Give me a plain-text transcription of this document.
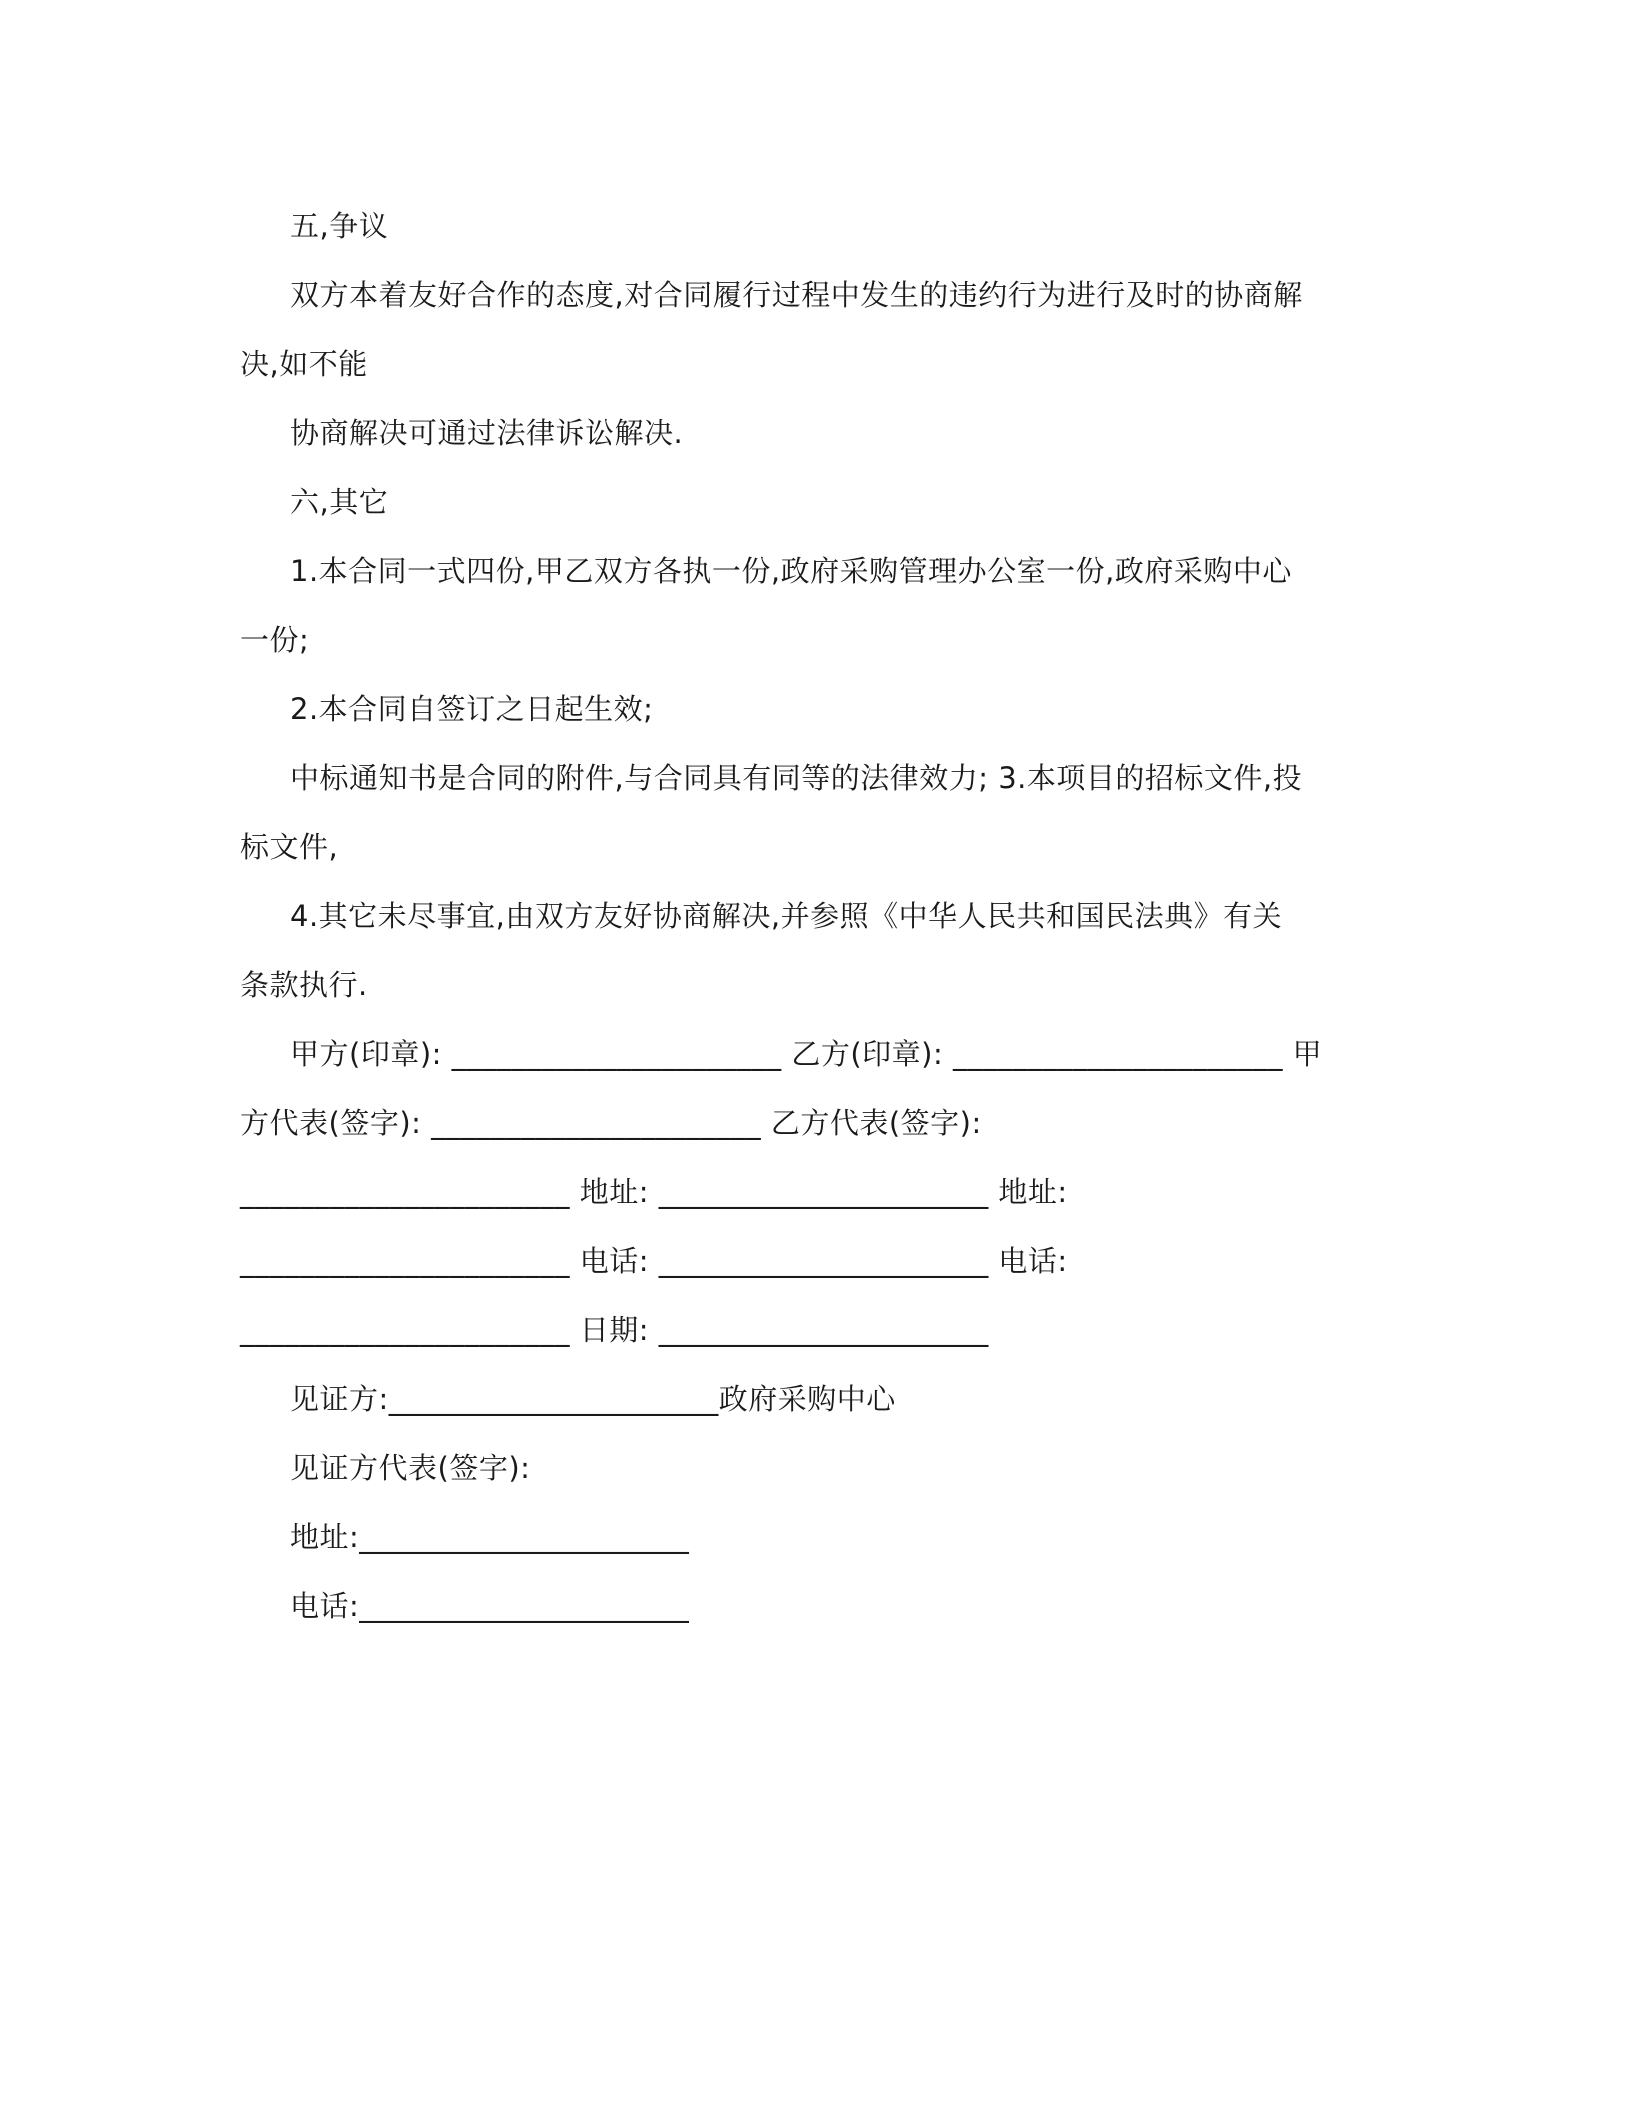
五,争议
双方本着友好合作的态度,对合同履行过程中发生的违约行为进行及时的协商解
决,如不能
协商解决可通过法律诉讼解决.
六,其它
1.本合同一式四份,甲乙双方各执一份,政府采购管理办公室一份,政府采购中心
一份;
2.本合同自签订之日起生效;
中标通知书是合同的附件,与合同具有同等的法律效力; 3.本项目的招标文件,投
标文件,
4.其它未尽事宜,由双方友好协商解决,并参照《中华人民共和国民法典》有关
条款执行.
甲方(印章): ______________________ 乙方(印章): ______________________ 甲
方代表(签字): ______________________ 乙方代表(签字):
______________________ 地址: ______________________ 地址:
______________________ 电话: ______________________ 电话:
______________________ 日期: ______________________
见证方:______________________政府采购中心
见证方代表(签字):
地址:______________________
电话:______________________
